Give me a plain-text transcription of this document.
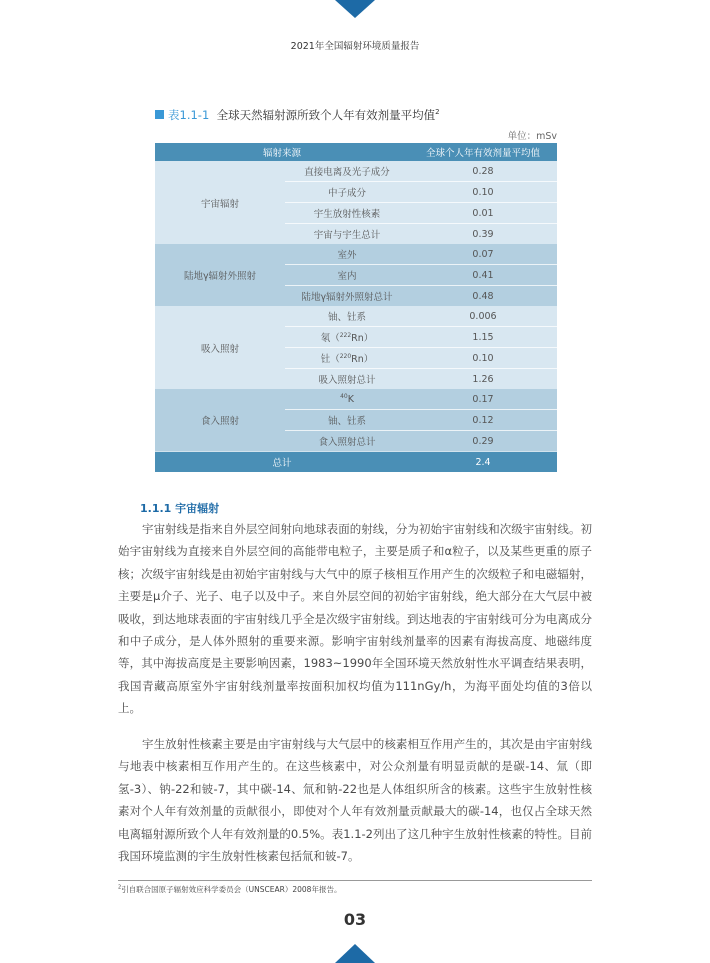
2021年全国辐射环境质量报告
表1.1-1 全球天然辐射源所致个人年有效剂量平均值$^2$
单位：mSv
辐射来源	全球个人年有效剂量平均值
宇宙辐射
直接电离及光子成分	0.28
中子成分	0.10
宇生放射性核素	0.01
宇宙与宇生总计	0.39
陆地γ辐射外照射
室外	0.07
室内	0.41
陆地γ辐射外照射总计	0.48
吸入照射
铀、钍系	0.006
氡（$^{222}$Rn）	1.15
钍（$^{220}$Rn）	0.10
吸入照射总计	1.26
食入照射
$^{40}$K	0.17
铀、钍系	0.12
食入照射总计	0.29
总计	2.4
1.1.1 宇宙辐射

宇宙射线是指来自外层空间射向地球表面的射线，分为初始宇宙射线和次级宇宙射线。初始宇宙射线为直接来自外层空间的高能带电粒子，主要是质子和α粒子，以及某些更重的原子核；次级宇宙射线是由初始宇宙射线与大气中的原子核相互作用产生的次级粒子和电磁辐射，主要是μ介子、光子、电子以及中子。来自外层空间的初始宇宙射线，绝大部分在大气层中被吸收，到达地球表面的宇宙射线几乎全是次级宇宙射线。到达地表的宇宙射线可分为电离成分和中子成分，是人体外照射的重要来源。影响宇宙射线剂量率的因素有海拔高度、地磁纬度等，其中海拔高度是主要影响因素，1983~1990年全国环境天然放射性水平调查结果表明，我国青藏高原室外宇宙射线剂量率按面积加权均值为111nGy/h，为海平面处均值的3倍以上。

宇生放射性核素主要是由宇宙射线与大气层中的核素相互作用产生的，其次是由宇宙射线与地表中核素相互作用产生的。在这些核素中，对公众剂量有明显贡献的是碳-14、氚（即氢-3）、钠-22和铍-7，其中碳-14、氚和钠-22也是人体组织所含的核素。这些宇生放射性核素对个人年有效剂量的贡献很小，即使对个人年有效剂量贡献最大的碳-14，也仅占全球天然电离辐射源所致个人年有效剂量的0.5%。表1.1-2列出了这几种宇生放射性核素的特性。目前我国环境监测的宇生放射性核素包括氚和铍-7。

$^2$引自联合国原子辐射效应科学委员会（UNSCEAR）2008年报告。
03
